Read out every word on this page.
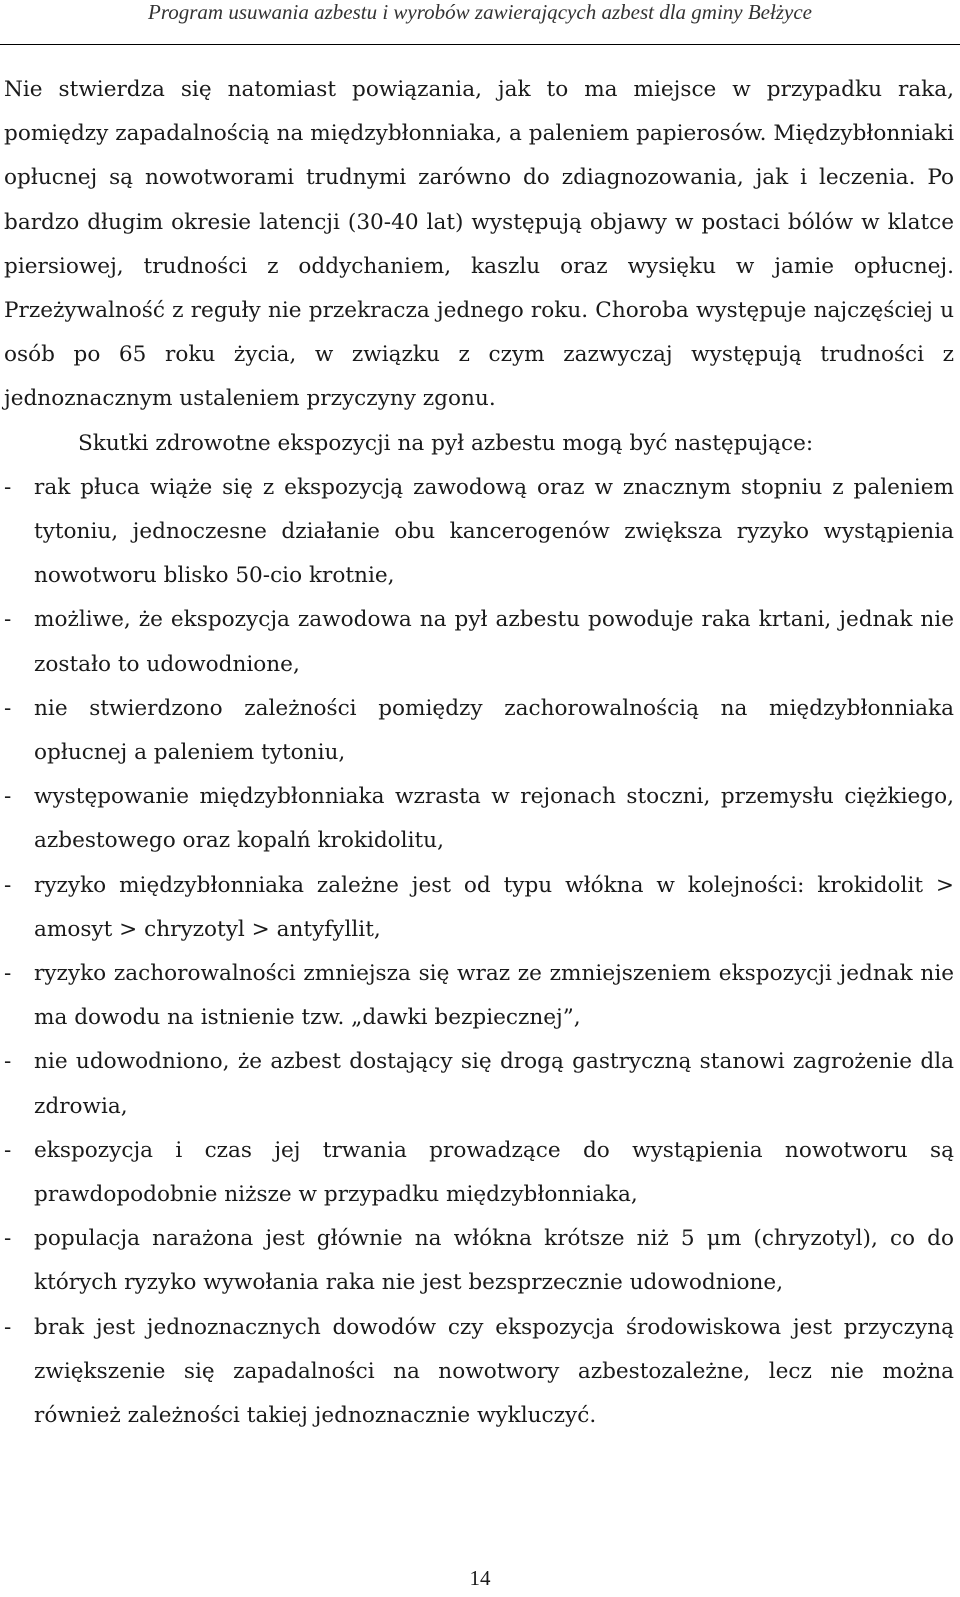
Program usuwania azbestu i wyrobów zawierających azbest dla gminy Bełżyce

Nie stwierdza się natomiast powiązania, jak to ma miejsce w przypadku raka, pomiędzy zapadalnością na międzybłonniaka, a paleniem papierosów. Międzybłonniaki opłucnej są nowotworami trudnymi zarówno do zdiagnozowania, jak i leczenia. Po bardzo długim okresie latencji (30-40 lat) występują objawy w postaci bólów w klatce piersiowej, trudności z oddychaniem, kaszlu oraz wysięku w jamie opłucnej. Przeżywalność z reguły nie przekracza jednego roku. Choroba występuje najczęściej u osób po 65 roku życia, w związku z czym zazwyczaj występują trudności z jednoznacznym ustaleniem przyczyny zgonu.

Skutki zdrowotne ekspozycji na pył azbestu mogą być następujące:

- rak płuca wiąże się z ekspozycją zawodową oraz w znacznym stopniu z paleniem tytoniu, jednoczesne działanie obu kancerogenów zwiększa ryzyko wystąpienia nowotworu blisko 50-cio krotnie,
- możliwe, że ekspozycja zawodowa na pył azbestu powoduje raka krtani, jednak nie zostało to udowodnione,
- nie stwierdzono zależności pomiędzy zachorowalnością na międzybłonniaka opłucnej a paleniem tytoniu,
- występowanie międzybłonniaka wzrasta w rejonach stoczni, przemysłu ciężkiego, azbestowego oraz kopalń krokidolitu,
- ryzyko międzybłonniaka zależne jest od typu włókna w kolejności: krokidolit > amosyt > chryzotyl > antyfyllit,
- ryzyko zachorowalności zmniejsza się wraz ze zmniejszeniem ekspozycji jednak nie ma dowodu na istnienie tzw. „dawki bezpiecznej”,
- nie udowodniono, że azbest dostający się drogą gastryczną stanowi zagrożenie dla zdrowia,
- ekspozycja i czas jej trwania prowadzące do wystąpienia nowotworu są prawdopodobnie niższe w przypadku międzybłonniaka,
- populacja narażona jest głównie na włókna krótsze niż 5 μm (chryzotyl), co do których ryzyko wywołania raka nie jest bezsprzecznie udowodnione,
- brak jest jednoznacznych dowodów czy ekspozycja środowiskowa jest przyczyną zwiększenie się zapadalności na nowotwory azbestozależne, lecz nie można również zależności takiej jednoznacznie wykluczyć.
14
